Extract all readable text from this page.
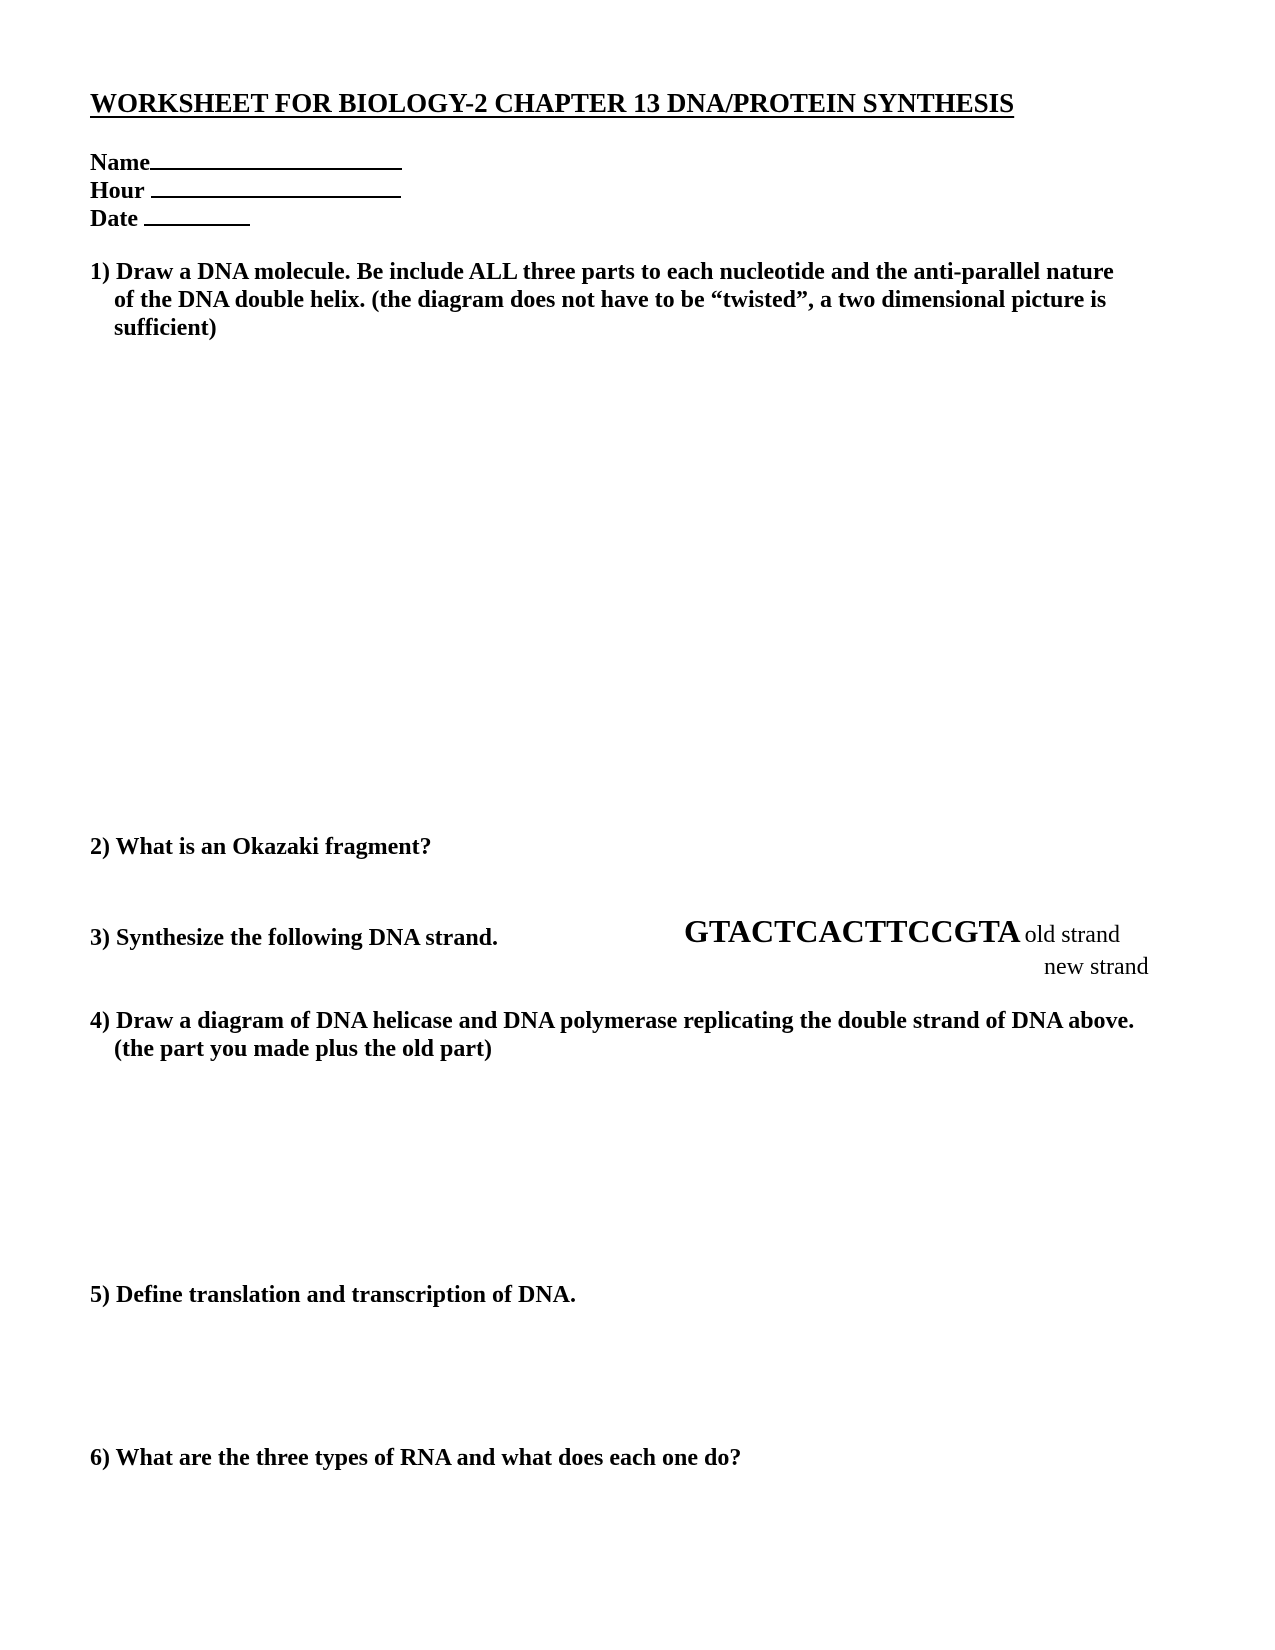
WORKSHEET FOR BIOLOGY-2 CHAPTER 13 DNA/PROTEIN SYNTHESIS
Name
Hour
Date
1) Draw a DNA molecule. Be include ALL three parts to each nucleotide and the anti-parallel nature
of the DNA double helix. (the diagram does not have to be “twisted”, a two dimensional picture is
sufficient)
2) What is an Okazaki fragment?
3) Synthesize the following DNA strand.	GTACTCACTTCCGTA old strand
new strand
4) Draw a diagram of DNA helicase and DNA polymerase replicating the double strand of DNA above.
(the part you made plus the old part)
5) Define translation and transcription of DNA.
6) What are the three types of RNA and what does each one do?
